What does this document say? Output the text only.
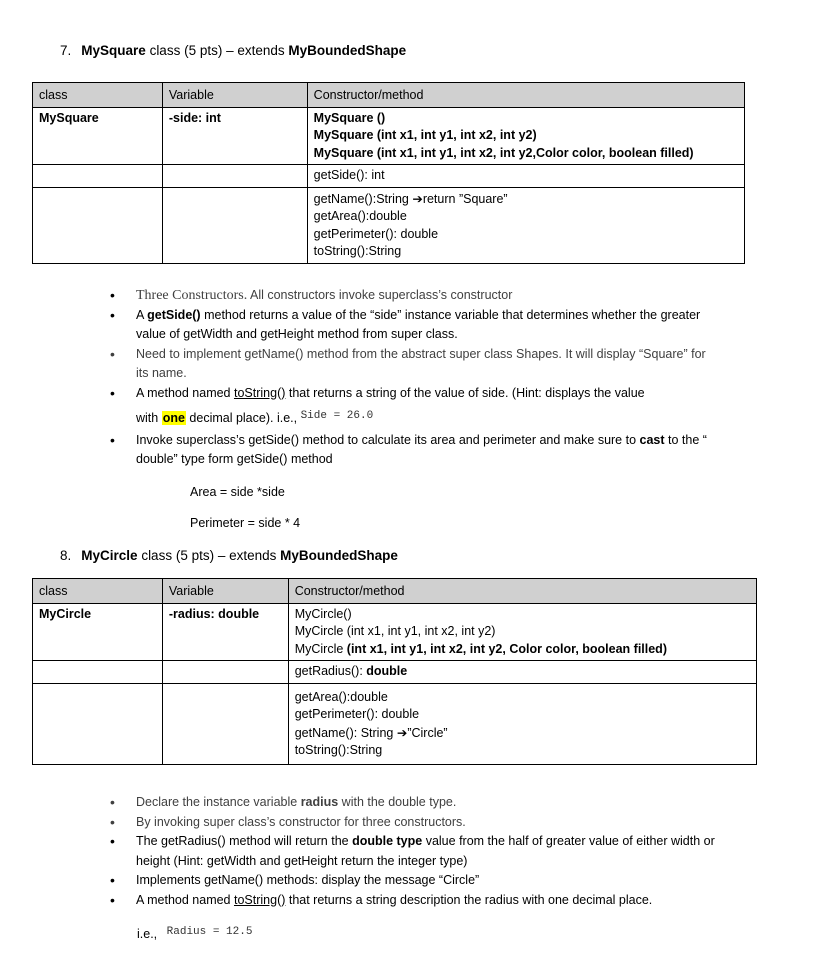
7. MySquare class (5 pts) – extends MyBoundedShape
class	Variable	Constructor/method
MySquare	-side: int	MySquare ()
MySquare (int x1, int y1, int x2, int y2)
MySquare (int x1, int y1, int x2, int y2,Color color, boolean filled)

		getSide(): int

		getName():String ➔return ”Square”
getArea():double
getPerimeter(): double
toString():String
• Three Constructors. All constructors invoke superclass’s constructor
• A getSide() method returns a value of the “side” instance variable that determines whether the greater value of getWidth and getHeight method from super class.
• Need to implement getName() method from the abstract super class Shapes. It will display “Square” for its name.
• A method named toString() that returns a string of the value of side. (Hint: displays the value
with one decimal place). i.e., Side = 26.0
• Invoke superclass’s getSide() method to calculate its area and perimeter and make sure to cast to the “ double” type form getSide() method
Area = side *side
Perimeter = side * 4
8. MyCircle class (5 pts) – extends MyBoundedShape
class	Variable	Constructor/method
MyCircle	-radius: double	MyCircle()
MyCircle (int x1, int y1, int x2, int y2)
MyCircle (int x1, int y1, int x2, int y2, Color color, boolean filled)

		getRadius(): double

		getArea():double
getPerimeter(): double
getName(): String ➔”Circle”
toString():String
• Declare the instance variable radius with the double type.
• By invoking super class’s constructor for three constructors.
• The getRadius() method will return the double type value from the half of greater value of either width or height (Hint: getWidth and getHeight return the integer type)
• Implements getName() methods: display the message “Circle”
• A method named toString() that returns a string description the radius with one decimal place.
i.e., Radius = 12.5
